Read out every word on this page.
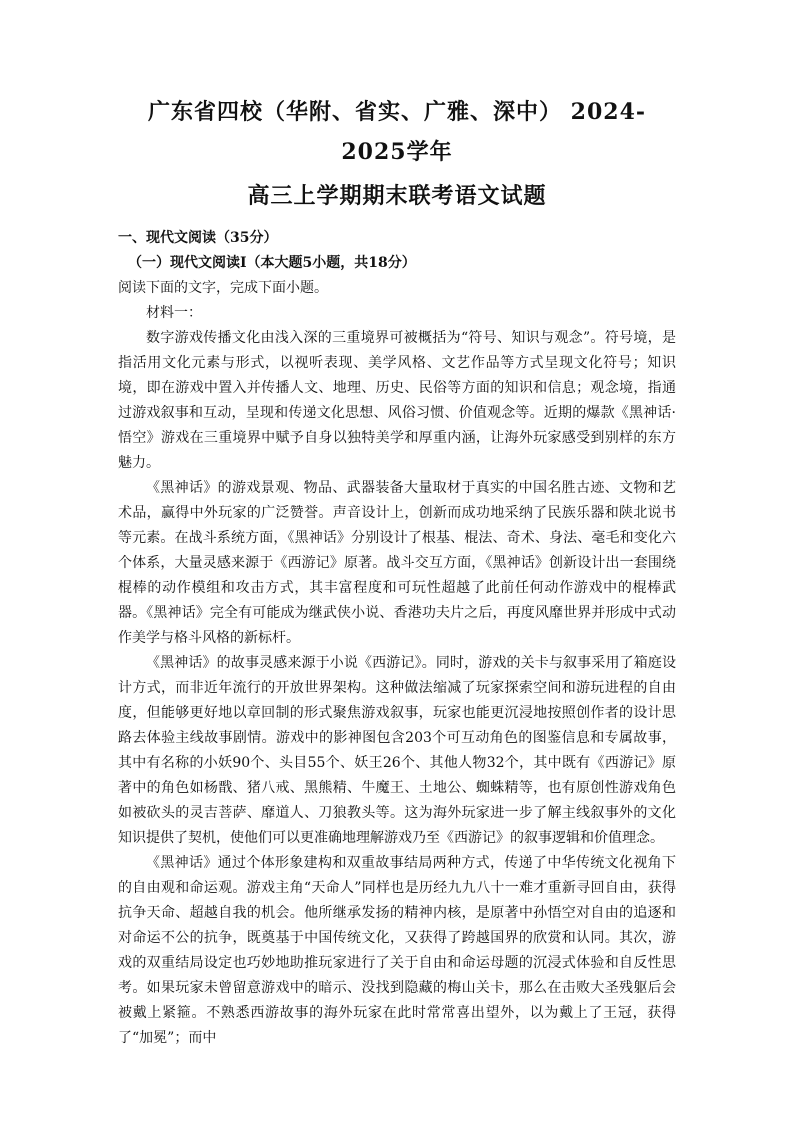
广东省四校（华附、省实、广雅、深中） 2024-2025学年
高三上学期期末联考语文试题

一、现代文阅读（35分）

（一）现代文阅读Ⅰ（本大题5小题，共18分）

阅读下面的文字，完成下面小题。

材料一：

数字游戏传播文化由浅入深的三重境界可被概括为“符号、知识与观念”。符号境，是指活用文化元素与形式，以视听表现、美学风格、文艺作品等方式呈现文化符号；知识境，即在游戏中置入并传播人文、地理、历史、民俗等方面的知识和信息；观念境，指通过游戏叙事和互动，呈现和传递文化思想、风俗习惯、价值观念等。近期的爆款《黑神话·悟空》游戏在三重境界中赋予自身以独特美学和厚重内涵，让海外玩家感受到别样的东方魅力。

《黑神话》的游戏景观、物品、武器装备大量取材于真实的中国名胜古迹、文物和艺术品，赢得中外玩家的广泛赞誉。声音设计上，创新而成功地采纳了民族乐器和陕北说书等元素。在战斗系统方面，《黑神话》分别设计了根基、棍法、奇术、身法、毫毛和变化六个体系，大量灵感来源于《西游记》原著。战斗交互方面，《黑神话》创新设计出一套围绕棍棒的动作模组和攻击方式，其丰富程度和可玩性超越了此前任何动作游戏中的棍棒武器。《黑神话》完全有可能成为继武侠小说、香港功夫片之后，再度风靡世界并形成中式动作美学与格斗风格的新标杆。

《黑神话》的故事灵感来源于小说《西游记》。同时，游戏的关卡与叙事采用了箱庭设计方式，而非近年流行的开放世界架构。这种做法缩减了玩家探索空间和游玩进程的自由度，但能够更好地以章回制的形式聚焦游戏叙事，玩家也能更沉浸地按照创作者的设计思路去体验主线故事剧情。游戏中的影神图包含203个可互动角色的图鉴信息和专属故事，其中有名称的小妖90个、头目55个、妖王26个、其他人物32个，其中既有《西游记》原著中的角色如杨戬、猪八戒、黑熊精、牛魔王、土地公、蜘蛛精等，也有原创性游戏角色如被砍头的灵吉菩萨、靡道人、刀狼教头等。这为海外玩家进一步了解主线叙事外的文化知识提供了契机，使他们可以更准确地理解游戏乃至《西游记》的叙事逻辑和价值理念。

《黑神话》通过个体形象建构和双重故事结局两种方式，传递了中华传统文化视角下的自由观和命运观。游戏主角“天命人”同样也是历经九九八十一难才重新寻回自由，获得抗争天命、超越自我的机会。他所继承发扬的精神内核，是原著中孙悟空对自由的追逐和对命运不公的抗争，既奠基于中国传统文化，又获得了跨越国界的欣赏和认同。其次，游戏的双重结局设定也巧妙地助推玩家进行了关于自由和命运母题的沉浸式体验和自反性思考。如果玩家未曾留意游戏中的暗示、没找到隐藏的梅山关卡，那么在击败大圣残躯后会被戴上紧箍。不熟悉西游故事的海外玩家在此时常常喜出望外，以为戴上了王冠，获得了“加冕”；而中
